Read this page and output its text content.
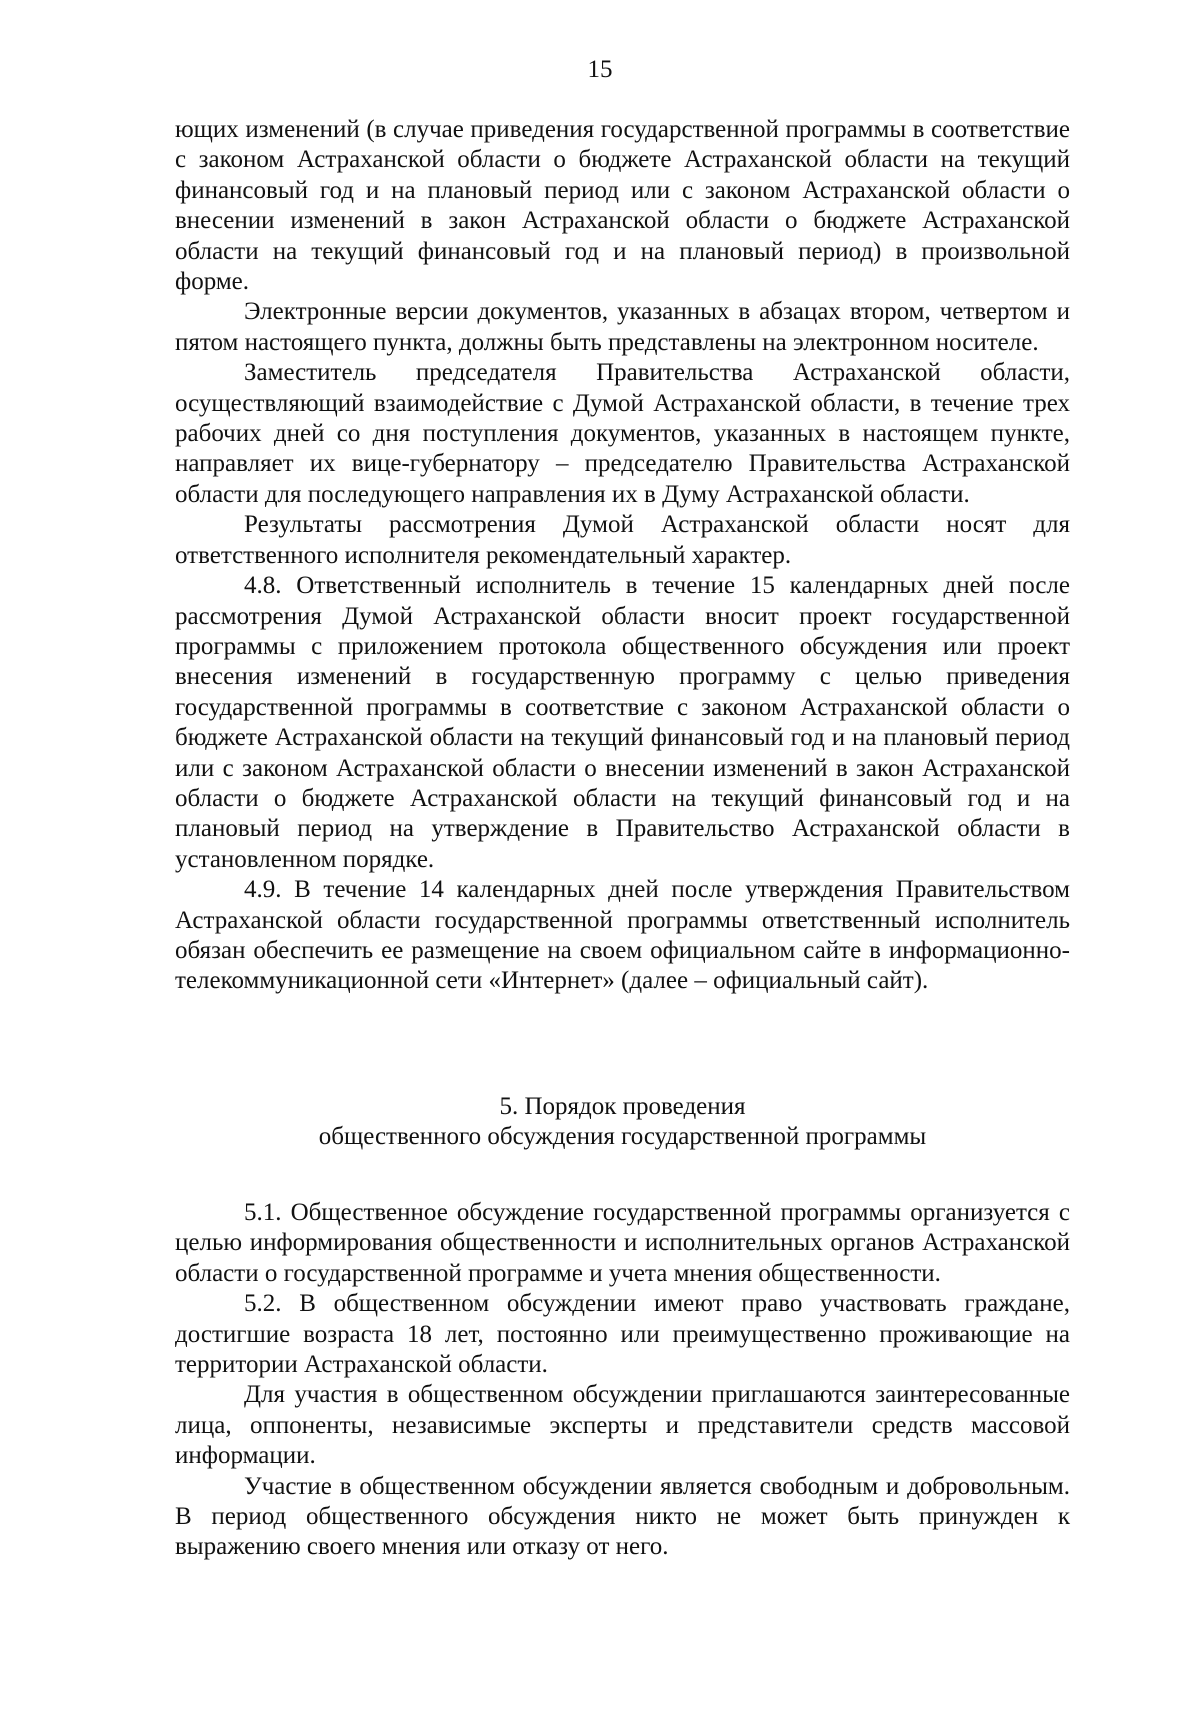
15

ющих изменений (в случае приведения государственной программы в соответствие с законом Астраханской области о бюджете Астраханской области на текущий финансовый год и на плановый период или с законом Астраханской области о внесении изменений в закон Астраханской области о бюджете Астраханской области на текущий финансовый год и на плановый период) в произвольной форме.

Электронные версии документов, указанных в абзацах втором, четвертом и пятом настоящего пункта, должны быть представлены на электронном носителе.

Заместитель председателя Правительства Астраханской области, осуществляющий взаимодействие с Думой Астраханской области, в течение трех рабочих дней со дня поступления документов, указанных в настоящем пункте, направляет их вице-губернатору – председателю Правительства Астраханской области для последующего направления их в Думу Астраханской области.

Результаты рассмотрения Думой Астраханской области носят для ответственного исполнителя рекомендательный характер.

4.8. Ответственный исполнитель в течение 15 календарных дней после рассмотрения Думой Астраханской области вносит проект государственной программы с приложением протокола общественного обсуждения или проект внесения изменений в государственную программу с целью приведения государственной программы в соответствие с законом Астраханской области о бюджете Астраханской области на текущий финансовый год и на плановый период или с законом Астраханской области о внесении изменений в закон Астраханской области о бюджете Астраханской области на текущий финансовый год и на плановый период на утверждение в Правительство Астраханской области в установленном порядке.

4.9. В течение 14 календарных дней после утверждения Правительством Астраханской области государственной программы ответственный исполнитель обязан обеспечить ее размещение на своем официальном сайте в информационно-телекоммуникационной сети «Интернет» (далее – официальный сайт).

5. Порядок проведения
общественного обсуждения государственной программы

5.1. Общественное обсуждение государственной программы организуется с целью информирования общественности и исполнительных органов Астраханской области о государственной программе и учета мнения общественности.

5.2. В общественном обсуждении имеют право участвовать граждане, достигшие возраста 18 лет, постоянно или преимущественно проживающие на территории Астраханской области.

Для участия в общественном обсуждении приглашаются заинтересованные лица, оппоненты, независимые эксперты и представители средств массовой информации.

Участие в общественном обсуждении является свободным и добровольным. В период общественного обсуждения никто не может быть принужден к выражению своего мнения или отказу от него.
